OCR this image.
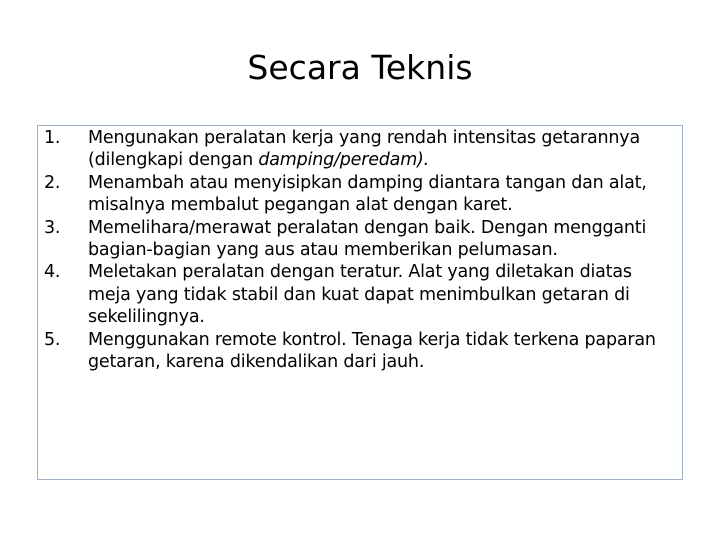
Secara Teknis
1. Mengunakan peralatan kerja yang rendah intensitas getarannya (dilengkapi dengan damping/peredam).
2. Menambah atau menyisipkan damping diantara tangan dan alat, misalnya membalut pegangan alat dengan karet.
3. Memelihara/merawat peralatan dengan baik. Dengan mengganti bagian-bagian yang aus atau memberikan pelumasan.
4. Meletakan peralatan dengan teratur. Alat yang diletakan diatas meja yang tidak stabil dan kuat dapat menimbulkan getaran di sekelilingnya.
5. Menggunakan remote kontrol. Tenaga kerja tidak terkena paparan getaran, karena dikendalikan dari jauh.
